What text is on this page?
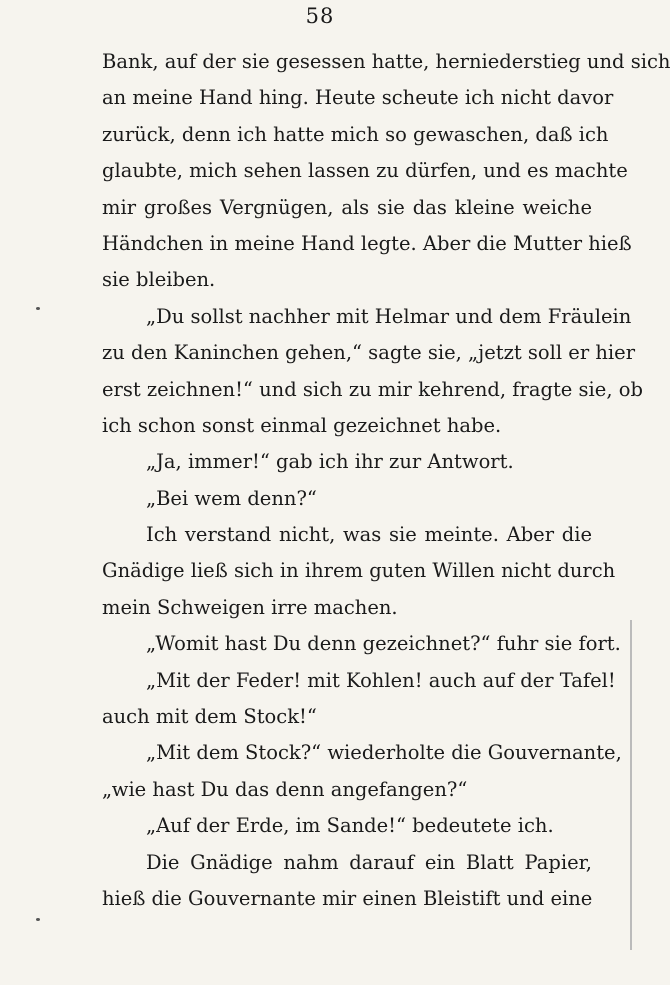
58
Bank, auf der sie gesessen hatte, herniederstieg und sich
an meine Hand hing. Heute scheute ich nicht davor
zurück, denn ich hatte mich so gewaschen, daß ich
glaubte, mich sehen lassen zu dürfen, und es machte
mir großes Vergnügen, als sie das kleine weiche
Händchen in meine Hand legte. Aber die Mutter hieß
sie bleiben.
„Du sollst nachher mit Helmar und dem Fräulein
zu den Kaninchen gehen,“ sagte sie, „jetzt soll er hier
erst zeichnen!“ und sich zu mir kehrend, fragte sie, ob
ich schon sonst einmal gezeichnet habe.
„Ja, immer!“ gab ich ihr zur Antwort.
„Bei wem denn?“
Ich verstand nicht, was sie meinte. Aber die
Gnädige ließ sich in ihrem guten Willen nicht durch
mein Schweigen irre machen.
„Womit hast Du denn gezeichnet?“ fuhr sie fort.
„Mit der Feder! mit Kohlen! auch auf der Tafel!
auch mit dem Stock!“
„Mit dem Stock?“ wiederholte die Gouvernante,
„wie hast Du das denn angefangen?“
„Auf der Erde, im Sande!“ bedeutete ich.
Die Gnädige nahm darauf ein Blatt Papier,
hieß die Gouvernante mir einen Bleistift und eine
